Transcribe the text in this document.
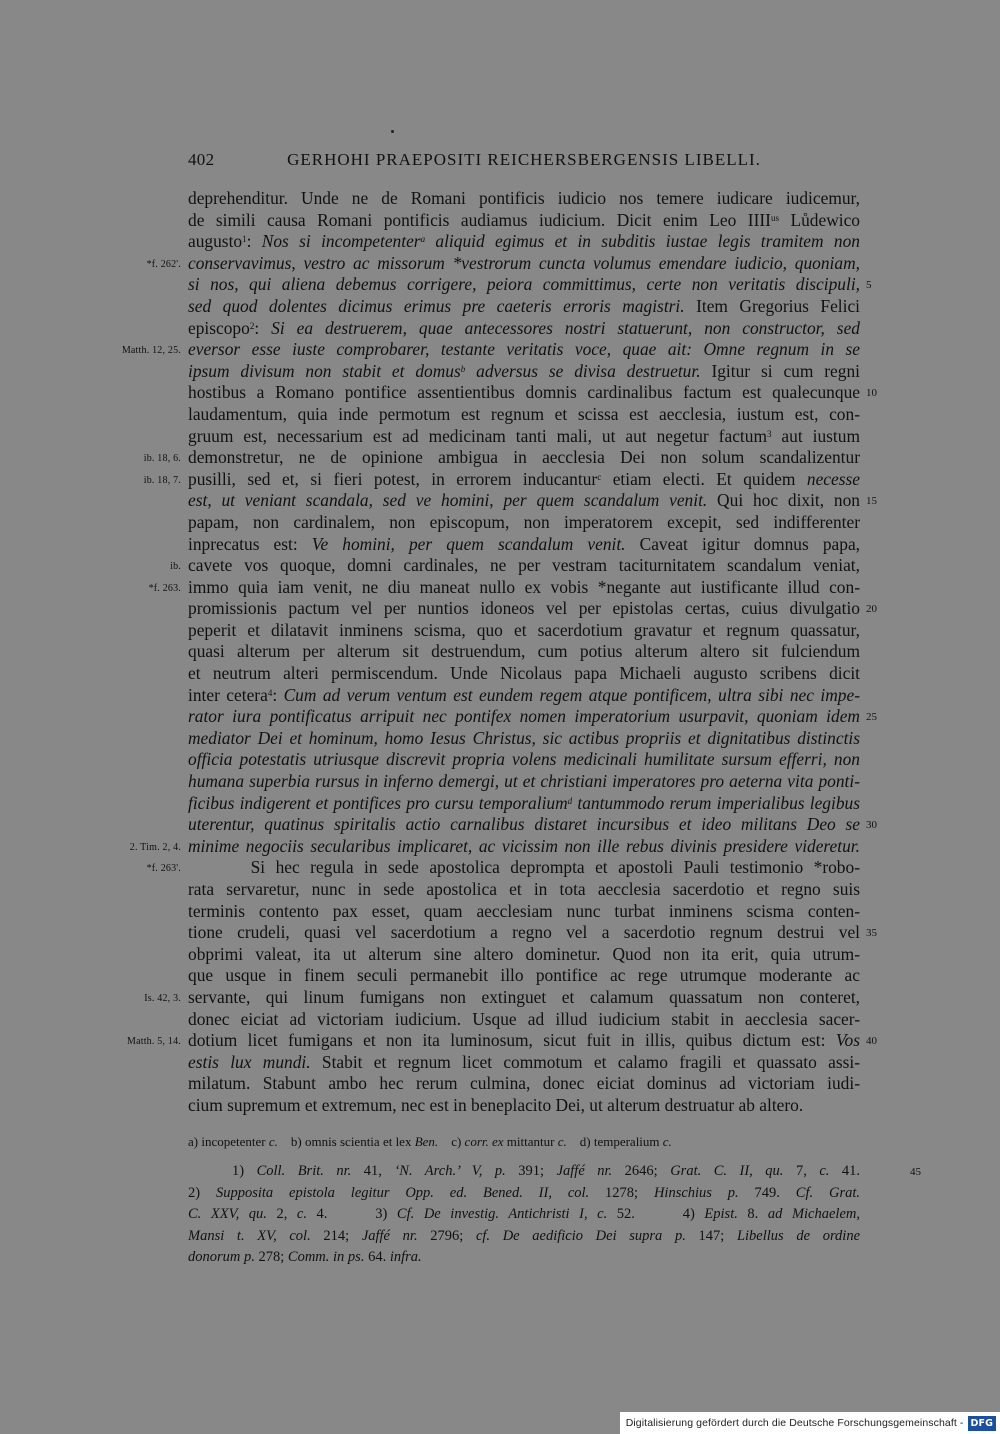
402	GERHOHI PRAEPOSITI REICHERSBERGENSIS LIBELLI.
deprehenditur. Unde ne de Romani pontificis iudicio nos temere iudicare iudicemur,
de simili causa Romani pontificis audiamus iudicium. Dicit enim Leo $IIII^{us}$ Lůdewico
augusto$^1$: Nos si incompetenter$^a$ aliquid egimus et in subditis iustae legis tramitem non
conservavimus, vestro ac missorum *vestrorum cuncta volumus emendare iudicio, quoniam,
*f. 262'.
si nos, qui aliena debemus corrigere, peiora committimus, certe non veritatis discipuli, 5
sed quod dolentes dicimus erimus pre caeteris erroris magistri. Item Gregorius Felici
episcopo$^2$: Si ea destruerem, quae antecessores nostri statuerunt, non constructor, sed
eversor esse iuste comprobarer, testante veritatis voce, quae ait: Omne regnum in se
Matth. 12, 25.
ipsum divisum non stabit et domus$^b$ adversus se divisa destruetur. Igitur si cum regni
hostibus a Romano pontifice assentientibus domnis cardinalibus factum est qualecunque 10
laudamentum, quia inde permotum est regnum et scissa est aecclesia, iustum est, con-
gruum est, necessarium est ad medicinam tanti mali, ut aut negetur factum$^3$ aut iustum
demonstretur, ne de opinione ambigua in aecclesia Dei non solum scandalizentur
ib. 18, 6.
pusilli, sed et, si fieri potest, in errorem inducantur$^c$ etiam electi. Et quidem necesse
ib. 18, 7.
est, ut veniant scandala, sed ve homini, per quem scandalum venit. Qui hoc dixit, non 15
papam, non cardinalem, non episcopum, non imperatorem excepit, sed indifferenter
inprecatus est: Ve homini, per quem scandalum venit. Caveat igitur domnus papa,
cavete vos quoque, domni cardinales, ne per vestram taciturnitatem scandalum veniat,
ib.
immo quia iam venit, ne diu maneat nullo ex vobis *negante aut iustificante illud con-
*f. 263.
promissionis pactum vel per nuntios idoneos vel per epistolas certas, cuius divulgatio 20
peperit et dilatavit inminens scisma, quo et sacerdotium gravatur et regnum quassatur,
quasi alterum per alterum sit destruendum, cum potius alterum altero sit fulciendum
et neutrum alteri permiscendum. Unde Nicolaus papa Michaeli augusto scribens dicit
inter cetera$^4$: Cum ad verum ventum est eundem regem atque pontificem, ultra sibi nec impe-
rator iura pontificatus arripuit nec pontifex nomen imperatorium usurpavit, quoniam idem 25
mediator Dei et hominum, homo Iesus Christus, sic actibus propriis et dignitatibus distinctis
officia potestatis utriusque discrevit propria volens medicinali humilitate sursum efferri, non
humana superbia rursus in inferno demergi, ut et christiani imperatores pro aeterna vita ponti-
ficibus indigerent et pontifices pro cursu temporalium$^d$ tantummodo rerum imperialibus legibus
uterentur, quatinus spiritalis actio carnalibus distaret incursibus et ideo militans Deo se 30
minime negociis secularibus implicaret, ac vicissim non ille rebus divinis presidere videretur.
2. Tim. 2, 4.
Si hec regula in sede apostolica deprompta et apostoli Pauli testimonio *robo-
*f. 263'.
rata servaretur, nunc in sede apostolica et in tota aecclesia sacerdotio et regno suis
terminis contento pax esset, quam aecclesiam nunc turbat inminens scisma conten-
tione crudeli, quasi vel sacerdotium a regno vel a sacerdotio regnum destrui vel 35
obprimi valeat, ita ut alterum sine altero dominetur. Quod non ita erit, quia utrum-
que usque in finem seculi permanebit illo pontifice ac rege utrumque moderante ac
servante, qui linum fumigans non extinguet et calamum quassatum non conteret,
Is. 42, 3.
donec eiciat ad victoriam iudicium. Usque ad illud iudicium stabit in aecclesia sacer-
dotium licet fumigans et non ita luminosum, sicut fuit in illis, quibus dictum est: Vos
Matth. 5, 14.	40
estis lux mundi. Stabit et regnum licet commotum et calamo fragili et quassato assi-
milatum. Stabunt ambo hec rerum culmina, donec eiciat dominus ad victoriam iudi-
cium supremum et extremum, nec est in beneplacito Dei, ut alterum destruatur ab altero.
a) incopetenter c.    b) omnis scientia et lex Ben.    c) corr. ex mittantur c.    d) temperalium c.
1) Coll. Brit. nr. 41, ‘N. Arch.’ V, p. 391; Jaffé nr. 2646; Grat. C. II, qu. 7, c. 41.	45
2) Supposita epistola legitur Opp. ed. Bened. II, col. 1278; Hinschius p. 749. Cf. Grat.
C. XXV, qu. 2, c. 4.     3) Cf. De investig. Antichristi I, c. 52.     4) Epist. 8. ad Michaelem,
Mansi t. XV, col. 214; Jaffé nr. 2796; cf. De aedificio Dei supra p. 147; Libellus de ordine
donorum p. 278; Comm. in ps. 64. infra.
Digitalisierung gefördert durch die Deutsche Forschungsgemeinschaft - DFG
